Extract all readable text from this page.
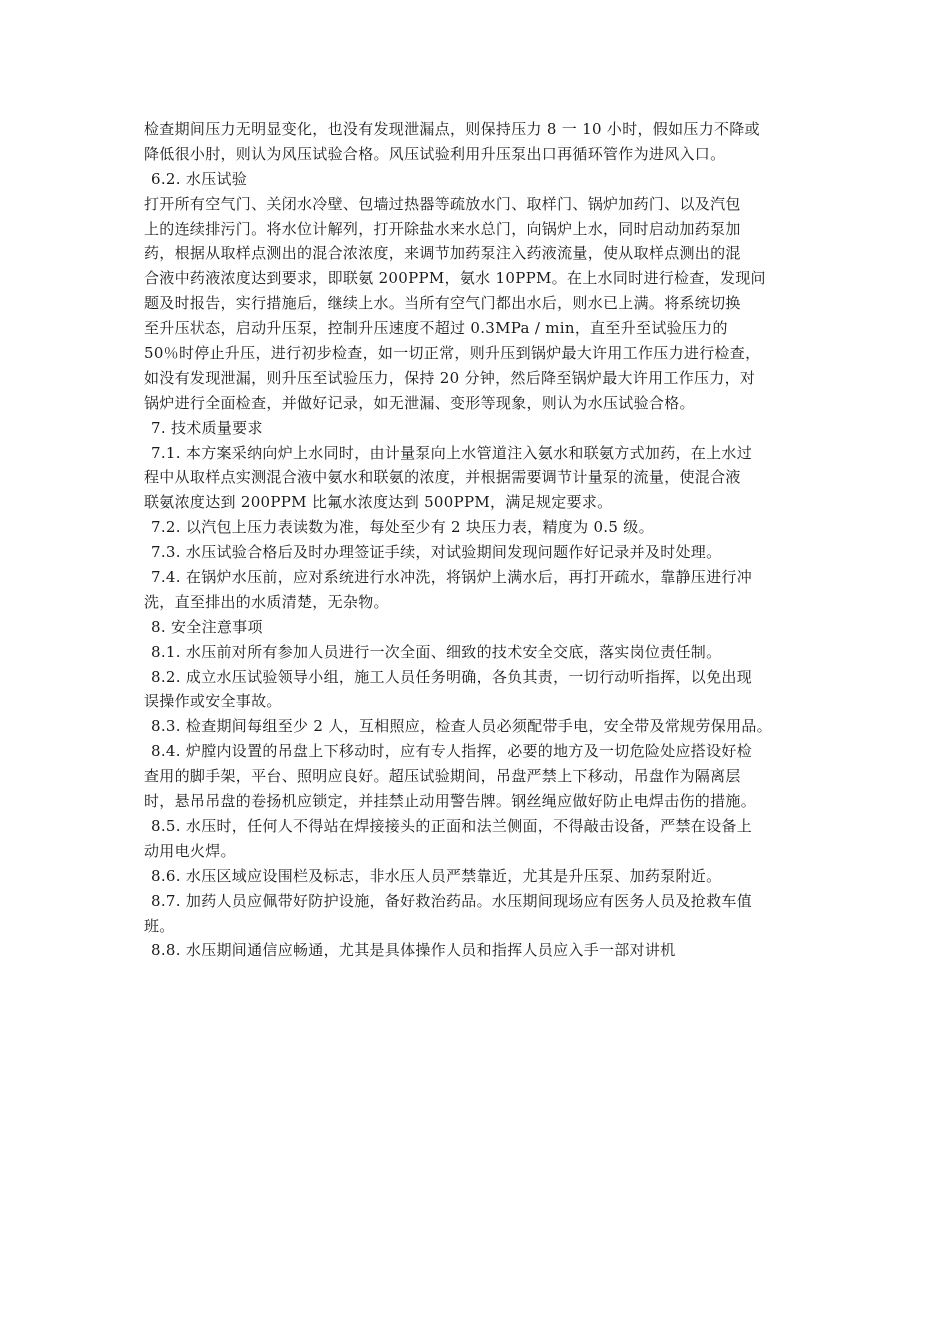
检查期间压力无明显变化，也没有发现泄漏点，则保持压力 8 一 10 小时，假如压力不降或
降低很小肘，则认为风压试验合格。风压试验利用升压泵出口再循环管作为进风入口。
6.2. 水压试验
打开所有空气门、关闭水冷壁、包墙过热器等疏放水门、取样门、锅炉加药门、以及汽包
上的连续排污门。将水位计解列，打开除盐水来水总门，向锅炉上水，同时启动加药泵加
药，根据从取样点测出的混合浓浓度，来调节加药泵注入药液流量，使从取样点测出的混
合液中药液浓度达到要求，即联氨 200PPM，氨水 10PPM。在上水同时进行检查，发现问
题及时报告，实行措施后，继续上水。当所有空气门都出水后，则水已上满。将系统切换
至升压状态，启动升压泵，控制升压速度不超过 0.3MPa / min，直至升至试验压力的
50％时停止升压，进行初步检查，如一切正常，则升压到锅炉最大许用工作压力进行检查，
如没有发现泄漏，则升压至试验压力，保持 20 分钟，然后降至锅炉最大许用工作压力，对
锅炉进行全面检查，并做好记录，如无泄漏、变形等现象，则认为水压试验合格。
7. 技术质量要求
7.1. 本方案采纳向炉上水同时，由计量泵向上水管道注入氨水和联氨方式加药，在上水过
程中从取样点实测混合液中氨水和联氨的浓度，并根据需要调节计量泵的流量，使混合液
联氨浓度达到 200PPM 比氟水浓度达到 500PPM，满足规定要求。
7.2. 以汽包上压力表读数为准，每处至少有 2 块压力表，精度为 0.5 级。
7.3. 水压试验合格后及时办理签证手续，对试验期间发现问题作好记录并及时处理。
7.4. 在锅炉水压前，应对系统进行水冲洗，将锅炉上满水后，再打开疏水，靠静压进行冲
洗，直至排出的水质清楚，无杂物。
8. 安全注意事项
8.1. 水压前对所有参加人员进行一次全面、细致的技术安全交底，落实岗位责任制。
8.2. 成立水压试验领导小组，施工人员任务明确，各负其责，一切行动听指挥，以免出现
误操作或安全事故。
8.3. 检查期间每组至少 2 人，互相照应，检查人员必须配带手电，安全带及常规劳保用品。
8.4. 炉膛内设置的吊盘上下移动时，应有专人指挥，必要的地方及一切危险处应搭设好检
查用的脚手架，平台、照明应良好。超压试验期间，吊盘严禁上下移动，吊盘作为隔离层
时，悬吊吊盘的卷扬机应锁定，并挂禁止动用警告牌。钢丝绳应做好防止电焊击伤的措施。
8.5. 水压时，任何人不得站在焊接接头的正面和法兰侧面，不得敲击设备，严禁在设备上
动用电火焊。
8.6. 水压区域应设围栏及标志，非水压人员严禁靠近，尤其是升压泵、加药泵附近。
8.7. 加药人员应佩带好防护设施，备好救治药品。水压期间现场应有医务人员及抢救车值
班。
8.8. 水压期间通信应畅通，尤其是具体操作人员和指挥人员应入手一部对讲机
